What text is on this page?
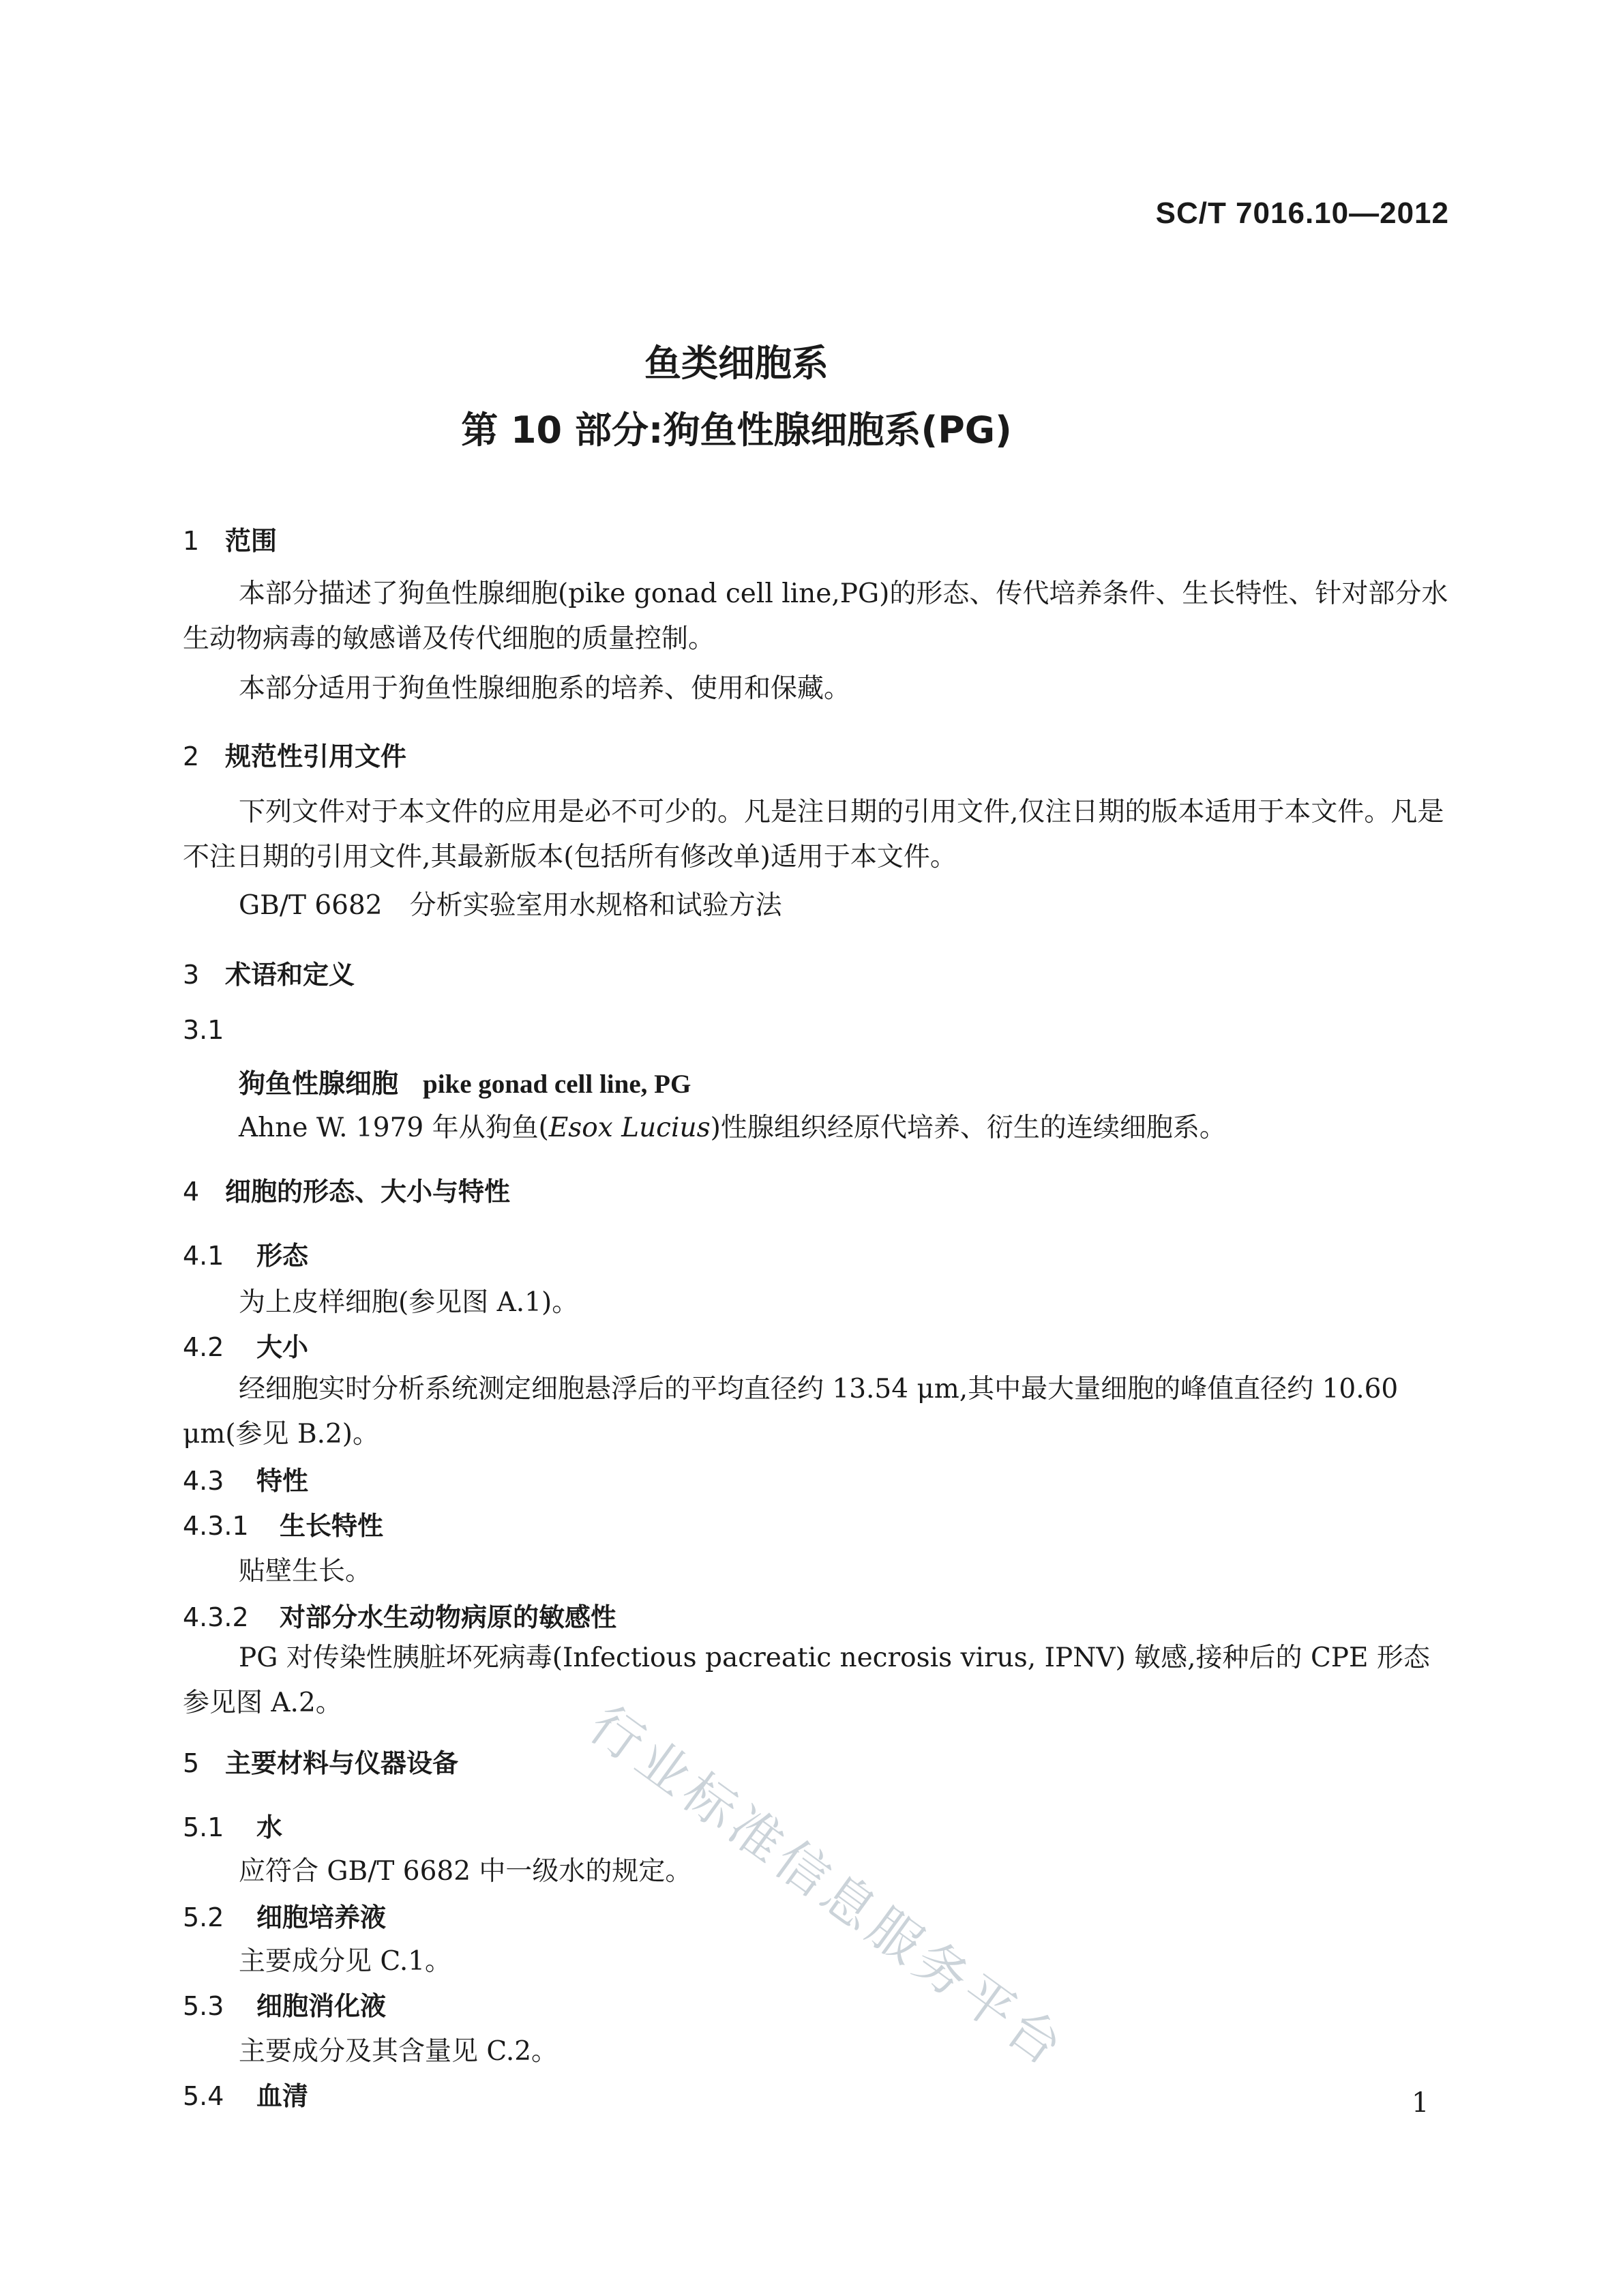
SC/T 7016.10—2012
鱼类细胞系
第 10 部分:狗鱼性腺细胞系(PG)
1 范围
本部分描述了狗鱼性腺细胞(pike gonad cell line,PG)的形态、传代培养条件、生长特性、针对部分水生动物病毒的敏感谱及传代细胞的质量控制。
本部分适用于狗鱼性腺细胞系的培养、使用和保藏。
2 规范性引用文件
下列文件对于本文件的应用是必不可少的。凡是注日期的引用文件,仅注日期的版本适用于本文件。凡是不注日期的引用文件,其最新版本(包括所有修改单)适用于本文件。
GB/T 6682 分析实验室用水规格和试验方法
3 术语和定义
3.1
狗鱼性腺细胞 pike gonad cell line, PG
Ahne W. 1979 年从狗鱼(Esox Lucius)性腺组织经原代培养、衍生的连续细胞系。
4 细胞的形态、大小与特性
4.1 形态
为上皮样细胞(参见图 A.1)。
4.2 大小
经细胞实时分析系统测定细胞悬浮后的平均直径约 13.54 μm,其中最大量细胞的峰值直径约 10.60 μm(参见 B.2)。
4.3 特性
4.3.1 生长特性
贴壁生长。
4.3.2 对部分水生动物病原的敏感性
PG 对传染性胰脏坏死病毒(Infectious pacreatic necrosis virus, IPNV) 敏感,接种后的 CPE 形态参见图 A.2。
5 主要材料与仪器设备
5.1 水
应符合 GB/T 6682 中一级水的规定。
5.2 细胞培养液
主要成分见 C.1。
5.3 细胞消化液
主要成分及其含量见 C.2。
5.4 血清
行业标准信息服务平台
1
